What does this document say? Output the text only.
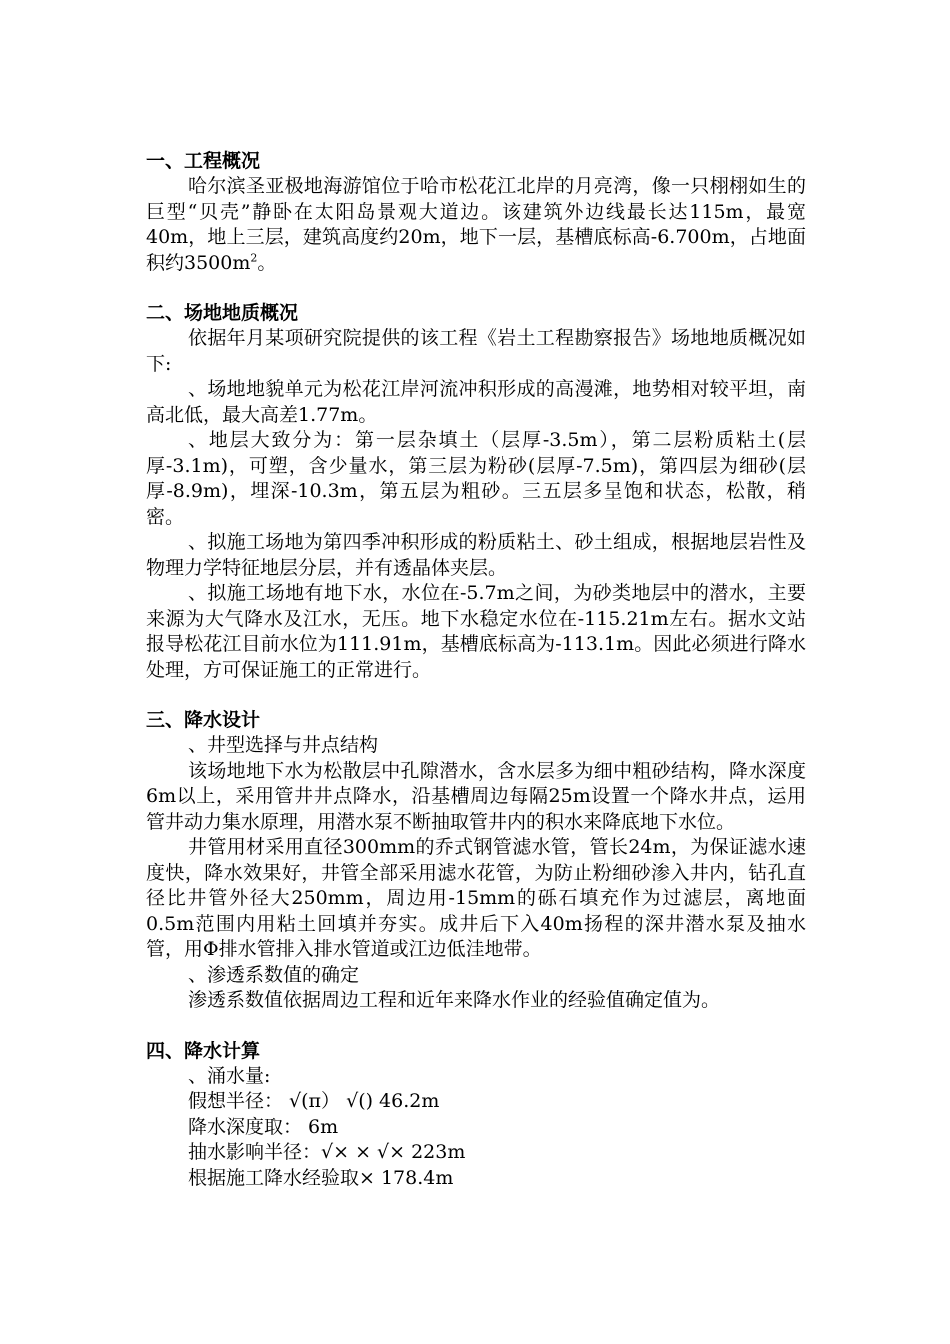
一、工程概况

哈尔滨圣亚极地海游馆位于哈市松花江北岸的月亮湾，像一只栩栩如生的巨型“贝壳”静卧在太阳岛景观大道边。该建筑外边线最长达115m，最宽40m，地上三层，建筑高度约20m，地下一层，基槽底标高-6.700m，占地面积约$3500m^2$。

二、场地地质概况

依据年月某项研究院提供的该工程《岩土工程勘察报告》场地地质概况如下:

、场地地貌单元为松花江岸河流冲积形成的高漫滩，地势相对较平坦，南高北低，最大高差1.77m。

、地层大致分为：第一层杂填土（层厚-3.5m），第二层粉质粘土(层厚-3.1m)，可塑，含少量水，第三层为粉砂(层厚-7.5m)，第四层为细砂(层厚-8.9m)，埋深-10.3m，第五层为粗砂。三五层多呈饱和状态，松散，稍密。

、拟施工场地为第四季冲积形成的粉质粘土、砂土组成，根据地层岩性及物理力学特征地层分层，并有透晶体夹层。

、拟施工场地有地下水，水位在-5.7m之间，为砂类地层中的潜水，主要来源为大气降水及江水，无压。地下水稳定水位在-115.21m左右。据水文站报导松花江目前水位为111.91m，基槽底标高为-113.1m。因此必须进行降水处理，方可保证施工的正常进行。

三、降水设计

、井型选择与井点结构

该场地地下水为松散层中孔隙潜水，含水层多为细中粗砂结构，降水深度6m以上，采用管井井点降水，沿基槽周边每隔25m设置一个降水井点，运用管井动力集水原理，用潜水泵不断抽取管井内的积水来降底地下水位。

井管用材采用直径300mm的乔式钢管滤水管，管长24m，为保证滤水速度快，降水效果好，井管全部采用滤水花管，为防止粉细砂渗入井内，钻孔直径比井管外径大250mm，周边用-15mm的砾石填充作为过滤层，离地面0.5m范围内用粘土回填并夯实。成井后下入40m扬程的深井潜水泵及抽水管，用Φ排水管排入排水管道或江边低洼地带。

、渗透系数值的确定

渗透系数值依据周边工程和近年来降水作业的经验值确定值为。

四、降水计算

、涌水量:

假想半径： √(π） √() 46.2m

降水深度取： 6m

抽水影响半径：√× × √× 223m

根据施工降水经验取× 178.4m
